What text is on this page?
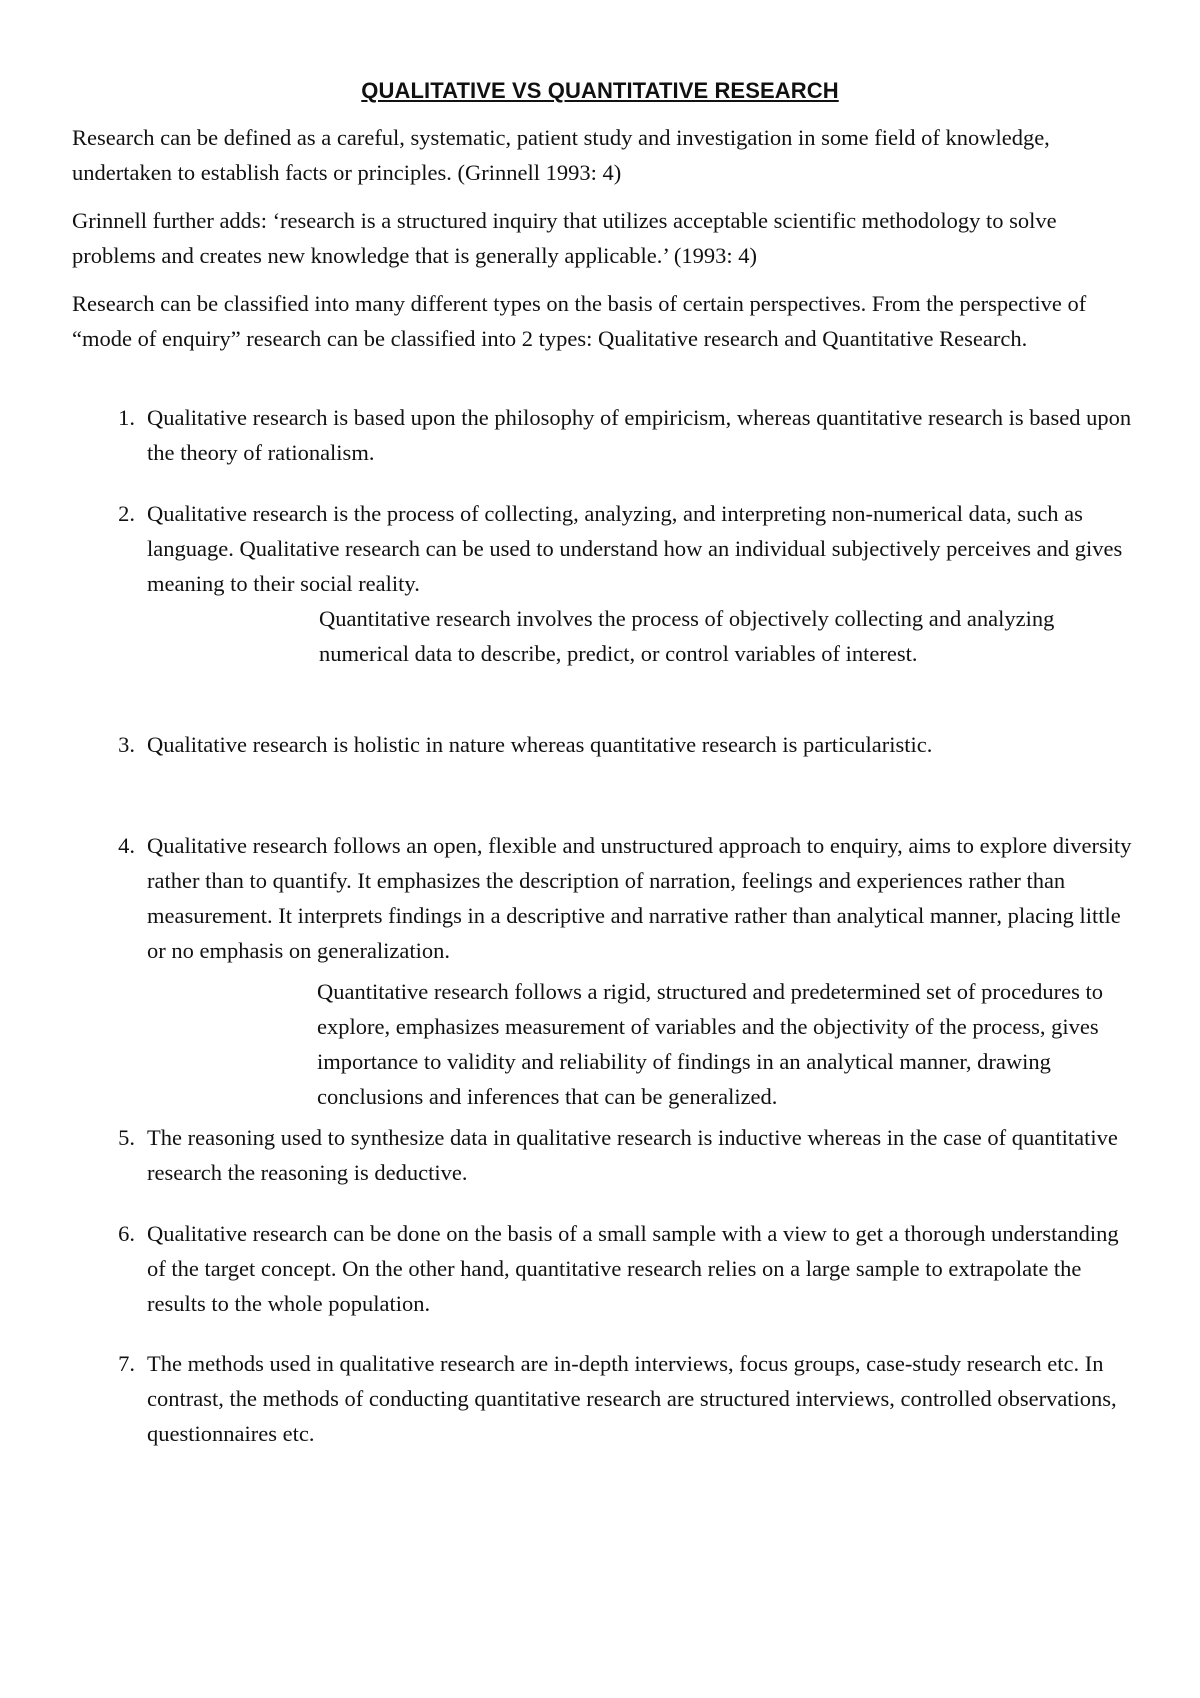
QUALITATIVE VS QUANTITATIVE RESEARCH

Research can be defined as a careful, systematic, patient study and investigation in some field of knowledge, undertaken to establish facts or principles. (Grinnell 1993: 4)

Grinnell further adds: ‘research is a structured inquiry that utilizes acceptable scientific methodology to solve problems and creates new knowledge that is generally applicable.’ (1993: 4)

Research can be classified into many different types on the basis of certain perspectives. From the perspective of “mode of enquiry” research can be classified into 2 types: Qualitative research and Quantitative Research.

1. Qualitative research is based upon the philosophy of empiricism, whereas quantitative research is based upon the theory of rationalism.
2. Qualitative research is the process of collecting, analyzing, and interpreting non-numerical data, such as language. Qualitative research can be used to understand how an individual subjectively perceives and gives meaning to their social reality.
Quantitative research involves the process of objectively collecting and analyzing numerical data to describe, predict, or control variables of interest.
3. Qualitative research is holistic in nature whereas quantitative research is particularistic.
4. Qualitative research follows an open, flexible and unstructured approach to enquiry, aims to explore diversity rather than to quantify. It emphasizes the description of narration, feelings and experiences rather than measurement. It interprets findings in a descriptive and narrative rather than analytical manner, placing little or no emphasis on generalization.
Quantitative research follows a rigid, structured and predetermined set of procedures to explore, emphasizes measurement of variables and the objectivity of the process, gives importance to validity and reliability of findings in an analytical manner, drawing conclusions and inferences that can be generalized.
5. The reasoning used to synthesize data in qualitative research is inductive whereas in the case of quantitative research the reasoning is deductive.
6. Qualitative research can be done on the basis of a small sample with a view to get a thorough understanding of the target concept. On the other hand, quantitative research relies on a large sample to extrapolate the results to the whole population.
7. The methods used in qualitative research are in-depth interviews, focus groups, case-study research etc. In contrast, the methods of conducting quantitative research are structured interviews, controlled observations, questionnaires etc.
